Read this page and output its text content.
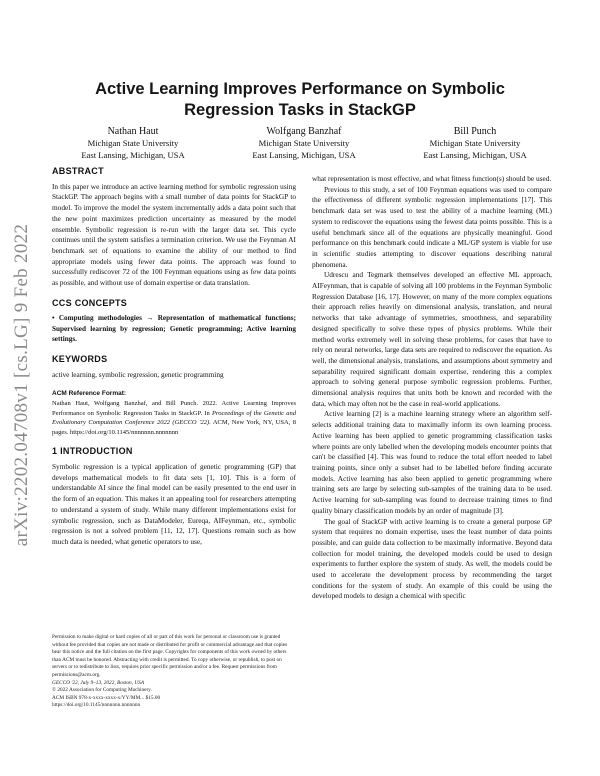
arXiv:2202.04708v1 [cs.LG] 9 Feb 2022
Active Learning Improves Performance on Symbolic Regression Tasks in StackGP
Nathan Haut
Michigan State University
East Lansing, Michigan, USA
Wolfgang Banzhaf
Michigan State University
East Lansing, Michigan, USA
Bill Punch
Michigan State University
East Lansing, Michigan, USA
ABSTRACT

In this paper we introduce an active learning method for symbolic regression using StackGP. The approach begins with a small number of data points for StackGP to model. To improve the model the system incrementally adds a data point such that the new point maximizes prediction uncertainty as measured by the model ensemble. Symbolic regression is re-run with the larger data set. This cycle continues until the system satisfies a termination criterion. We use the Feynman AI benchmark set of equations to examine the ability of our method to find appropriate models using fewer data points. The approach was found to successfully rediscover 72 of the 100 Feynman equations using as few data points as possible, and without use of domain expertise or data translation.

CCS CONCEPTS

• Computing methodologies → Representation of mathematical functions; Supervised learning by regression; Genetic programming; Active learning settings.

KEYWORDS

active learning, symbolic regression, genetic programming

ACM Reference Format:
Nathan Haut, Wolfgang Banzhaf, and Bill Punch. 2022. Active Learning Improves Performance on Symbolic Regression Tasks in StackGP. In Proceedings of the Genetic and Evolutionary Computation Conference 2022 (GECCO '22). ACM, New York, NY, USA, 8 pages. https://doi.org/10.1145/nnnnnnn.nnnnnnn

1 INTRODUCTION

Symbolic regression is a typical application of genetic programming (GP) that develops mathematical models to fit data sets [1, 10]. This is a form of understandable AI since the final model can be easily presented to the end user in the form of an equation. This makes it an appealing tool for researchers attempting to understand a system of study. While many different implementations exist for symbolic regression, such as DataModeler, Eureqa, AIFeynman, etc., symbolic regression is not a solved problem [11, 12, 17]. Questions remain such as how much data is needed, what genetic operators to use,

Permission to make digital or hard copies of all or part of this work for personal or classroom use is granted without fee provided that copies are not made or distributed for profit or commercial advantage and that copies bear this notice and the full citation on the first page. Copyrights for components of this work owned by others than ACM must be honored. Abstracting with credit is permitted. To copy otherwise, or republish, to post on servers or to redistribute to lists, requires prior specific permission and/or a fee. Request permissions from permissions@acm.org.
GECCO '22, July 9–13, 2022, Boston, USA
© 2022 Association for Computing Machinery.
ACM ISBN 978-x-xxxx-xxxx-x/YY/MM... $15.00
https://doi.org/10.1145/nnnnnnn.nnnnnnn

what representation is most effective, and what fitness function(s) should be used.

Previous to this study, a set of 100 Feynman equations was used to compare the effectiveness of different symbolic regression implementations [17]. This benchmark data set was used to test the ability of a machine learning (ML) system to rediscover the equations using the fewest data points possible. This is a useful benchmark since all of the equations are physically meaningful. Good performance on this benchmark could indicate a ML/GP system is viable for use in scientific studies attempting to discover equations describing natural phenomena.

Udrescu and Tegmark themselves developed an effective ML approach, AIFeynman, that is capable of solving all 100 problems in the Feynman Symbolic Regression Database [16, 17]. However, on many of the more complex equations their approach relies heavily on dimensional analysis, translation, and neural networks that take advantage of symmetries, smoothness, and separability designed specifically to solve these types of physics problems. While their method works extremely well in solving these problems, for cases that have to rely on neural networks, large data sets are required to rediscover the equation. As well, the dimensional analysis, translations, and assumptions about symmetry and separability required significant domain expertise, rendering this a complex approach to solving general purpose symbolic regression problems. Further, dimensional analysis requires that units both be known and recorded with the data, which may often not be the case in real-world applications.

Active learning [2] is a machine learning strategy where an algorithm self-selects additional training data to maximally inform its own learning process. Active learning has been applied to genetic programming classification tasks where points are only labelled when the developing models encounter points that can't be classified [4]. This was found to reduce the total effort needed to label training points, since only a subset had to be labelled before finding accurate models. Active learning has also been applied to genetic programming where training sets are large by selecting sub-samples of the training data to be used. Active learning for sub-sampling was found to decrease training times to find quality binary classification models by an order of magnitude [3].

The goal of StackGP with active learning is to create a general purpose GP system that requires no domain expertise, uses the least number of data points possible, and can guide data collection to be maximally informative. Beyond data collection for model training, the developed models could be used to design experiments to further explore the system of study. As well, the models could be used to accelerate the development process by recommending the target conditions for the system of study. An example of this could be using the developed models to design a chemical with specific
